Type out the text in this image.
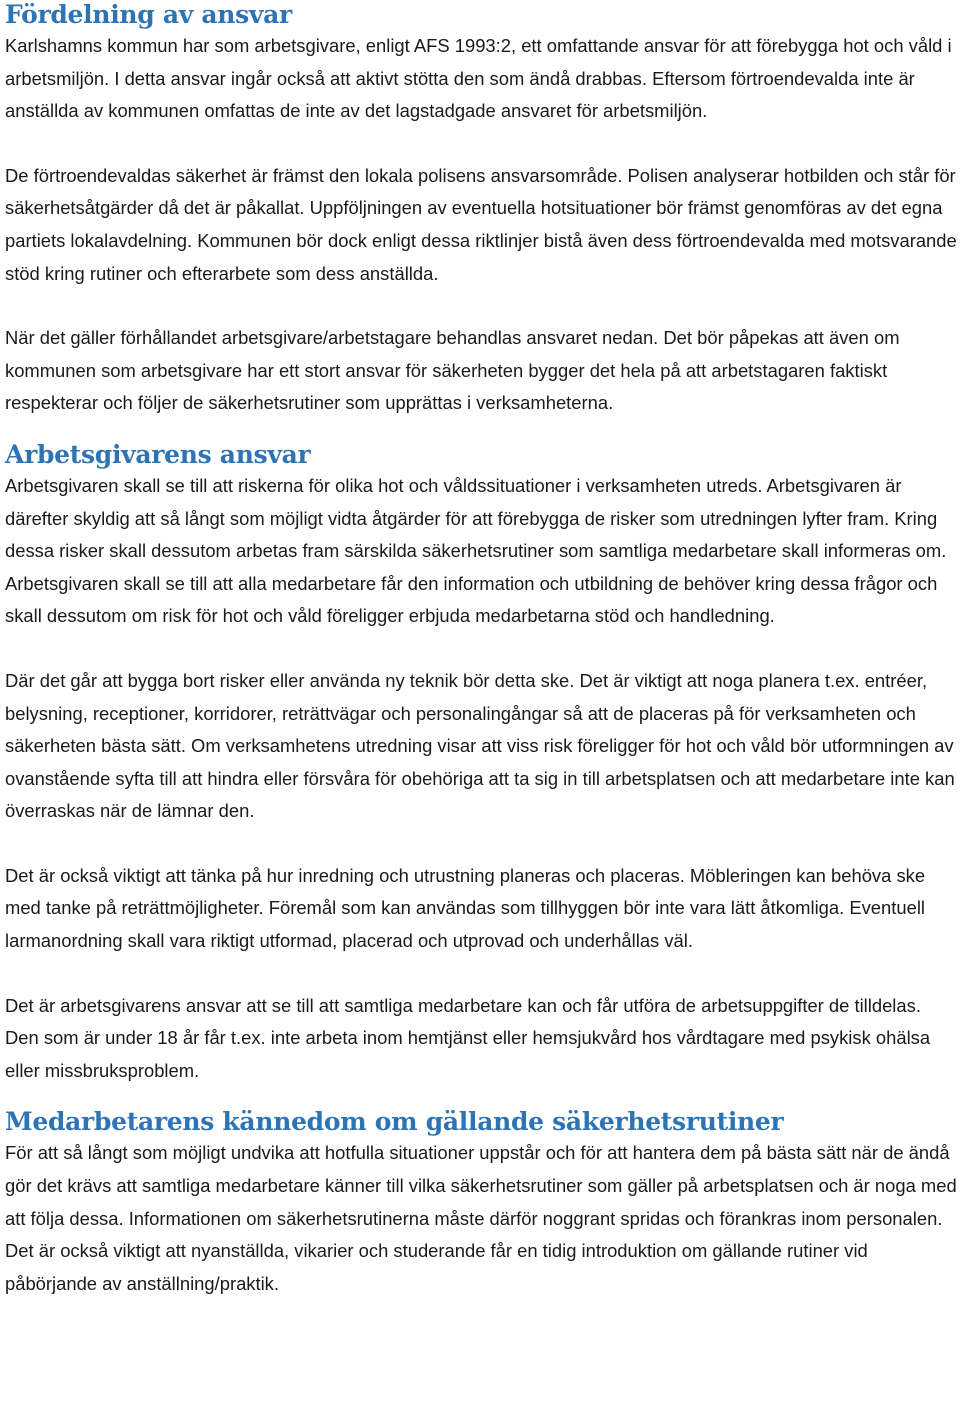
Fördelning av ansvar

Karlshamns kommun har som arbetsgivare, enligt AFS 1993:2, ett omfattande ansvar för att förebygga hot och våld i arbetsmiljön. I detta ansvar ingår också att aktivt stötta den som ändå drabbas. Eftersom förtroendevalda inte är anställda av kommunen omfattas de inte av det lagstadgade ansvaret för arbetsmiljön.

De förtroendevaldas säkerhet är främst den lokala polisens ansvarsområde. Polisen analyserar hotbilden och står för säkerhetsåtgärder då det är påkallat. Uppföljningen av eventuella hotsituationer bör främst genomföras av det egna partiets lokalavdelning. Kommunen bör dock enligt dessa riktlinjer bistå även dess förtroendevalda med motsvarande stöd kring rutiner och efterarbete som dess anställda.

När det gäller förhållandet arbetsgivare/arbetstagare behandlas ansvaret nedan. Det bör påpekas att även om kommunen som arbetsgivare har ett stort ansvar för säkerheten bygger det hela på att arbetstagaren faktiskt respekterar och följer de säkerhetsrutiner som upprättas i verksamheterna.

Arbetsgivarens ansvar

Arbetsgivaren skall se till att riskerna för olika hot och våldssituationer i verksamheten utreds. Arbetsgivaren är därefter skyldig att så långt som möjligt vidta åtgärder för att förebygga de risker som utredningen lyfter fram. Kring dessa risker skall dessutom arbetas fram särskilda säkerhetsrutiner som samtliga medarbetare skall informeras om. Arbetsgivaren skall se till att alla medarbetare får den information och utbildning de behöver kring dessa frågor och skall dessutom om risk för hot och våld föreligger erbjuda medarbetarna stöd och handledning.

Där det går att bygga bort risker eller använda ny teknik bör detta ske. Det är viktigt att noga planera t.ex. entréer, belysning, receptioner, korridorer, reträttvägar och personalingångar så att de placeras på för verksamheten och säkerheten bästa sätt. Om verksamhetens utredning visar att viss risk föreligger för hot och våld bör utformningen av ovanstående syfta till att hindra eller försvåra för obehöriga att ta sig in till arbetsplatsen och att medarbetare inte kan överraskas när de lämnar den.

Det är också viktigt att tänka på hur inredning och utrustning planeras och placeras. Möbleringen kan behöva ske med tanke på reträttmöjligheter. Föremål som kan användas som tillhyggen bör inte vara lätt åtkomliga. Eventuell larmanordning skall vara riktigt utformad, placerad och utprovad och underhållas väl.

Det är arbetsgivarens ansvar att se till att samtliga medarbetare kan och får utföra de arbetsuppgifter de tilldelas. Den som är under 18 år får t.ex. inte arbeta inom hemtjänst eller hemsjukvård hos vårdtagare med psykisk ohälsa eller missbruksproblem.

Medarbetarens kännedom om gällande säkerhetsrutiner

För att så långt som möjligt undvika att hotfulla situationer uppstår och för att hantera dem på bästa sätt när de ändå gör det krävs att samtliga medarbetare känner till vilka säkerhetsrutiner som gäller på arbetsplatsen och är noga med att följa dessa. Informationen om säkerhetsrutinerna måste därför noggrant spridas och förankras inom personalen. Det är också viktigt att nyanställda, vikarier och studerande får en tidig introduktion om gällande rutiner vid påbörjande av anställning/praktik.
